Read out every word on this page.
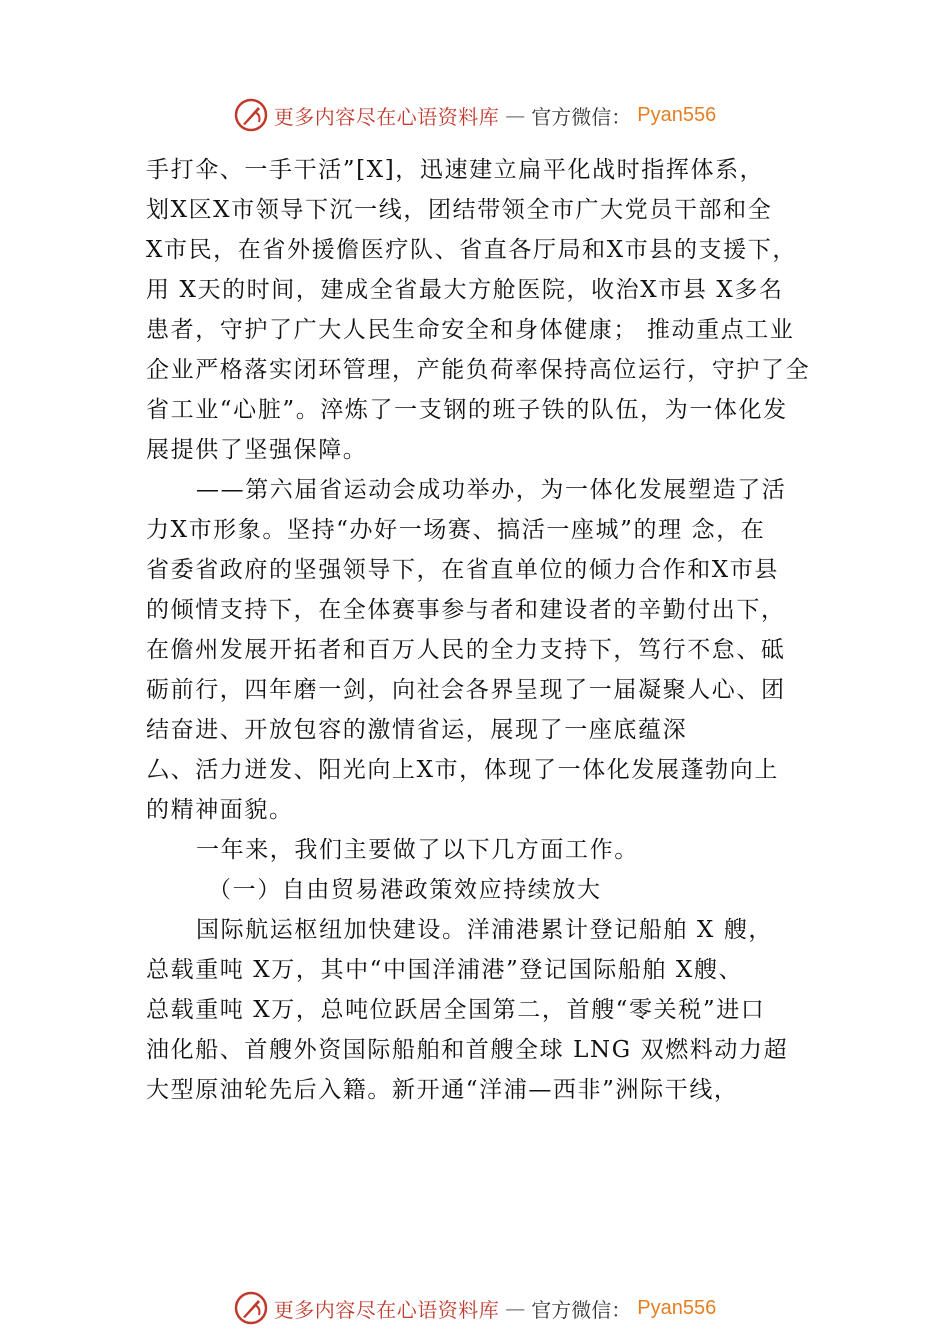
更多内容尽在心语资料库 — 官方微信： Pyan556
手打伞、一手干活”[X]，迅速建立扁平化战时指挥体系，
划X区X市领导下沉一线，团结带领全市广大党员干部和全
X市民，在省外援儋医疗队、省直各厅局和X市县的支援下，
用 X天的时间，建成全省最大方舱医院，收治X市县 X多名
患者，守护了广大人民生命安全和身体健康； 推动重点工业
企业严格落实闭环管理，产能负荷率保持高位运行，守护了全
省工业“心脏”。淬炼了一支钢的班子铁的队伍，为一体化发
展提供了坚强保障。
——第六届省运动会成功举办，为一体化发展塑造了活
力X市形象。坚持“办好一场赛、搞活一座城”的理 念，在
省委省政府的坚强领导下，在省直单位的倾力合作和X市县
的倾情支持下，在全体赛事参与者和建设者的辛勤付出下，
在儋州发展开拓者和百万人民的全力支持下，笃行不怠、砥
砺前行，四年磨一剑，向社会各界呈现了一届凝聚人心、团
结奋进、开放包容的激情省运，展现了一座底蕴深
厶、活力迸发、阳光向上X市，体现了一体化发展蓬勃向上
的精神面貌。
一年来，我们主要做了以下几方面工作。
（一）自由贸易港政策效应持续放大
国际航运枢纽加快建设。洋浦港累计登记船舶 X 艘，
总载重吨 X万，其中“中国洋浦港”登记国际船舶 X艘、
总载重吨 X万，总吨位跃居全国第二，首艘“零关税”进口
油化船、首艘外资国际船舶和首艘全球 LNG 双燃料动力超
大型原油轮先后入籍。新开通“洋浦—西非”洲际干线，
更多内容尽在心语资料库 — 官方微信： Pyan556
